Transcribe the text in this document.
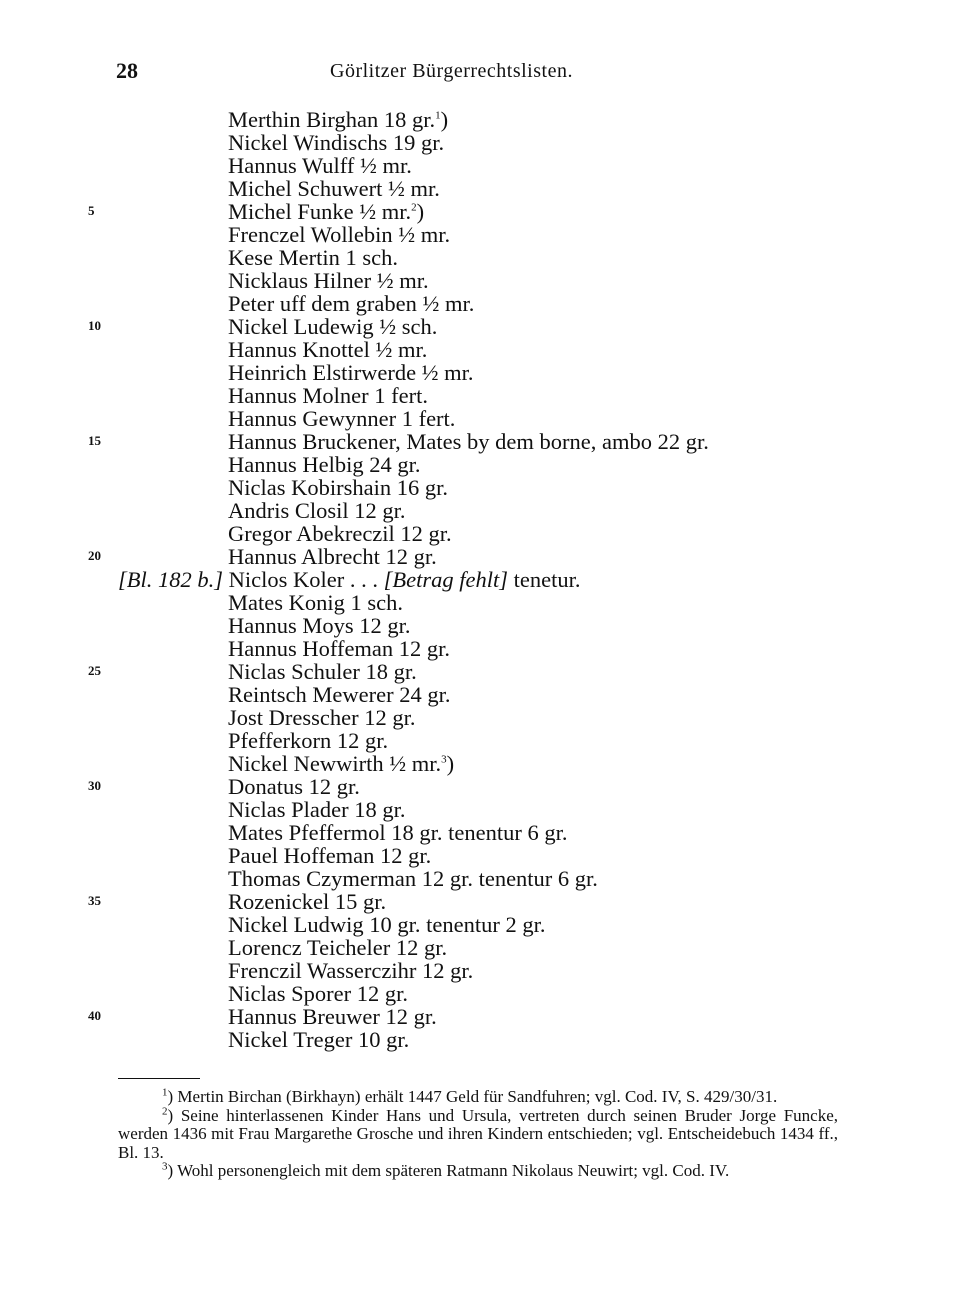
28	Görlitzer Bürgerrechtslisten.
5
10
15
20
25
30
35
40
Merthin Birghan 18 gr.$^1$)
Nickel Windischs 19 gr.
Hannus Wulff ½ mr.
Michel Schuwert ½ mr.
Michel Funke ½ mr.$^2$)
Frenczel Wollebin ½ mr.
Kese Mertin 1 sch.
Nicklaus Hilner ½ mr.
Peter uff dem graben ½ mr.
Nickel Ludewig ½ sch.
Hannus Knottel ½ mr.
Heinrich Elstirwerde ½ mr.
Hannus Molner 1 fert.
Hannus Gewynner 1 fert.
Hannus Bruckener, Mates by dem borne, ambo 22 gr.
Hannus Helbig 24 gr.
Niclas Kobirshain 16 gr.
Andris Closil 12 gr.
Gregor Abekreczil 12 gr.
Hannus Albrecht 12 gr.
[Bl. 182 b.] Niclos Koler . . . [Betrag fehlt] tenetur.
Mates Konig 1 sch.
Hannus Moys 12 gr.
Hannus Hoffeman 12 gr.
Niclas Schuler 18 gr.
Reintsch Mewerer 24 gr.
Jost Dresscher 12 gr.
Pfefferkorn 12 gr.
Nickel Newwirth ½ mr.$^3$)
Donatus 12 gr.
Niclas Plader 18 gr.
Mates Pfeffermol 18 gr. tenentur 6 gr.
Pauel Hoffeman 12 gr.
Thomas Czymerman 12 gr. tenentur 6 gr.
Rozenickel 15 gr.
Nickel Ludwig 10 gr. tenentur 2 gr.
Lorencz Teicheler 12 gr.
Frenczil Wasserczihr 12 gr.
Niclas Sporer 12 gr.
Hannus Breuwer 12 gr.
Nickel Treger 10 gr.

$^1$) Mertin Birchan (Birkhayn) erhält 1447 Geld für Sandfuhren; vgl. Cod. IV, S. 429/30/31.

$^2$) Seine hinterlassenen Kinder Hans und Ursula, vertreten durch seinen Bruder Jorge Funcke, werden 1436 mit Frau Margarethe Grosche und ihren Kindern entschieden; vgl. Entscheidebuch 1434 ff., Bl. 13.

$^3$) Wohl personengleich mit dem späteren Ratmann Nikolaus Neuwirt; vgl. Cod. IV.
